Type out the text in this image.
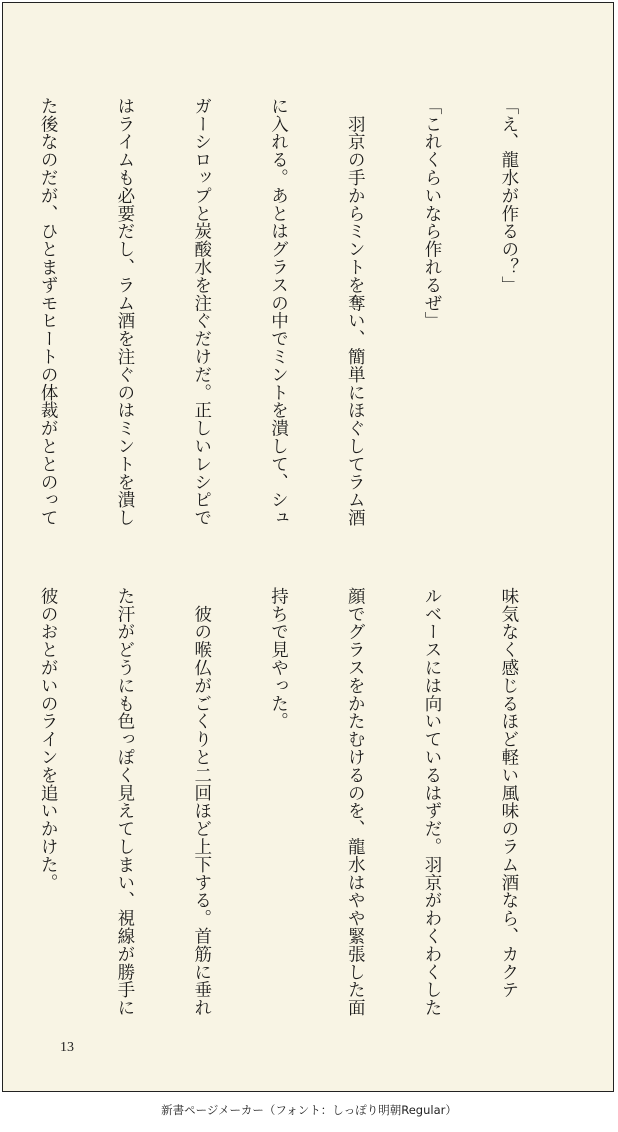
「え、龍水が作るの？」

「これくらいなら作れるぜ」

　羽京の手からミントを奪い、簡単にほぐしてラム酒

に入れる。あとはグラスの中でミントを潰して、シュ

ガーシロップと炭酸水を注ぐだけだ。正しいレシピで

はライムも必要だし、ラム酒を注ぐのはミントを潰し

た後なのだが、ひとまずモヒートの体裁がととのって

味気なく感じるほど軽い風味のラム酒なら、カクテ

ルベースには向いているはずだ。羽京がわくわくした

顔でグラスをかたむけるのを、龍水はやや緊張した面

持ちで見やった。

　彼の喉仏がごくりと二回ほど上下する。首筋に垂れ

た汗がどうにも色っぽく見えてしまい、視線が勝手に

彼のおとがいのラインを追いかけた。

13
新書ページメーカー（フォント：しっぽり明朝Regular）
